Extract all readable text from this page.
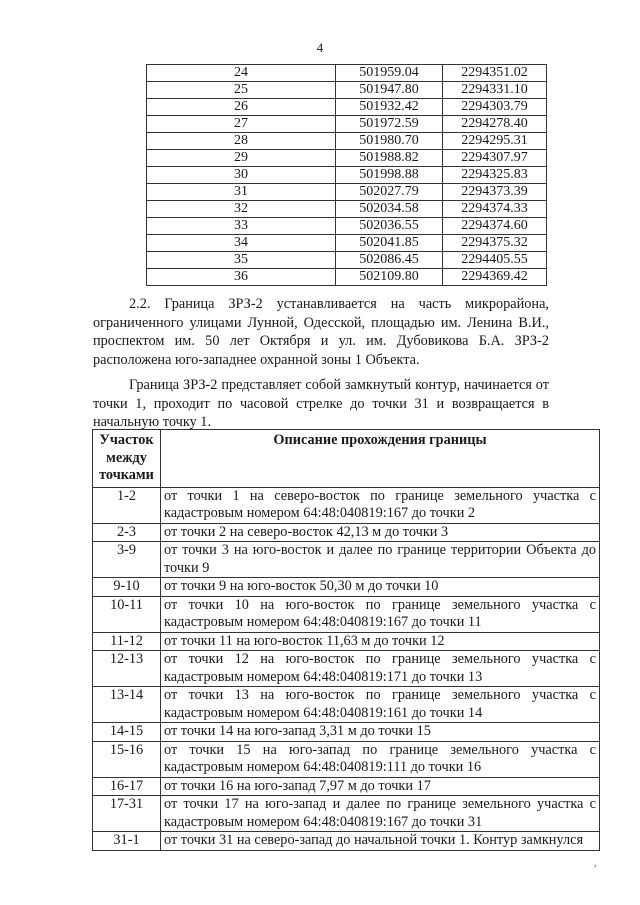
4
24	501959.04	2294351.02
25	501947.80	2294331.10
26	501932.42	2294303.79
27	501972.59	2294278.40
28	501980.70	2294295.31
29	501988.82	2294307.97
30	501998.88	2294325.83
31	502027.79	2294373.39
32	502034.58	2294374.33
33	502036.55	2294374.60
34	502041.85	2294375.32
35	502086.45	2294405.55
36	502109.80	2294369.42

2.2. Граница ЗРЗ-2 устанавливается на часть микрорайона, ограниченного улицами Лунной, Одесской, площадью им. Ленина В.И., проспектом им. 50 лет Октября и ул. им. Дубовикова Б.А. ЗРЗ-2 расположена юго-западнее охранной зоны 1 Объекта.

Граница ЗРЗ-2 представляет собой замкнутый контур, начинается от точки 1, проходит по часовой стрелке до точки 31 и возвращается в начальную точку 1.

Участок между точками	Описание прохождения границы
1-2	от точки 1 на северо-восток по границе земельного участка с кадастровым номером 64:48:040819:167 до точки 2
2-3	от точки 2 на северо-восток 42,13 м до точки 3
3-9	от точки 3 на юго-восток и далее по границе территории Объекта до точки 9
9-10	от точки 9 на юго-восток 50,30 м до точки 10
10-11	от точки 10 на юго-восток по границе земельного участка с кадастровым номером 64:48:040819:167 до точки 11
11-12	от точки 11 на юго-восток 11,63 м до точки 12
12-13	от точки 12 на юго-восток по границе земельного участка с кадастровым номером 64:48:040819:171 до точки 13
13-14	от точки 13 на юго-восток по границе земельного участка с кадастровым номером 64:48:040819:161 до точки 14
14-15	от точки 14 на юго-запад 3,31 м до точки 15
15-16	от точки 15 на юго-запад по границе земельного участка с кадастровым номером 64:48:040819:111 до точки 16
16-17	от точки 16 на юго-запад 7,97 м до точки 17
17-31	от точки 17 на юго-запад и далее по границе земельного участка с кадастровым номером 64:48:040819:167 до точки 31
31-1	от точки 31 на северо-запад до начальной точки 1. Контур замкнулся
,
